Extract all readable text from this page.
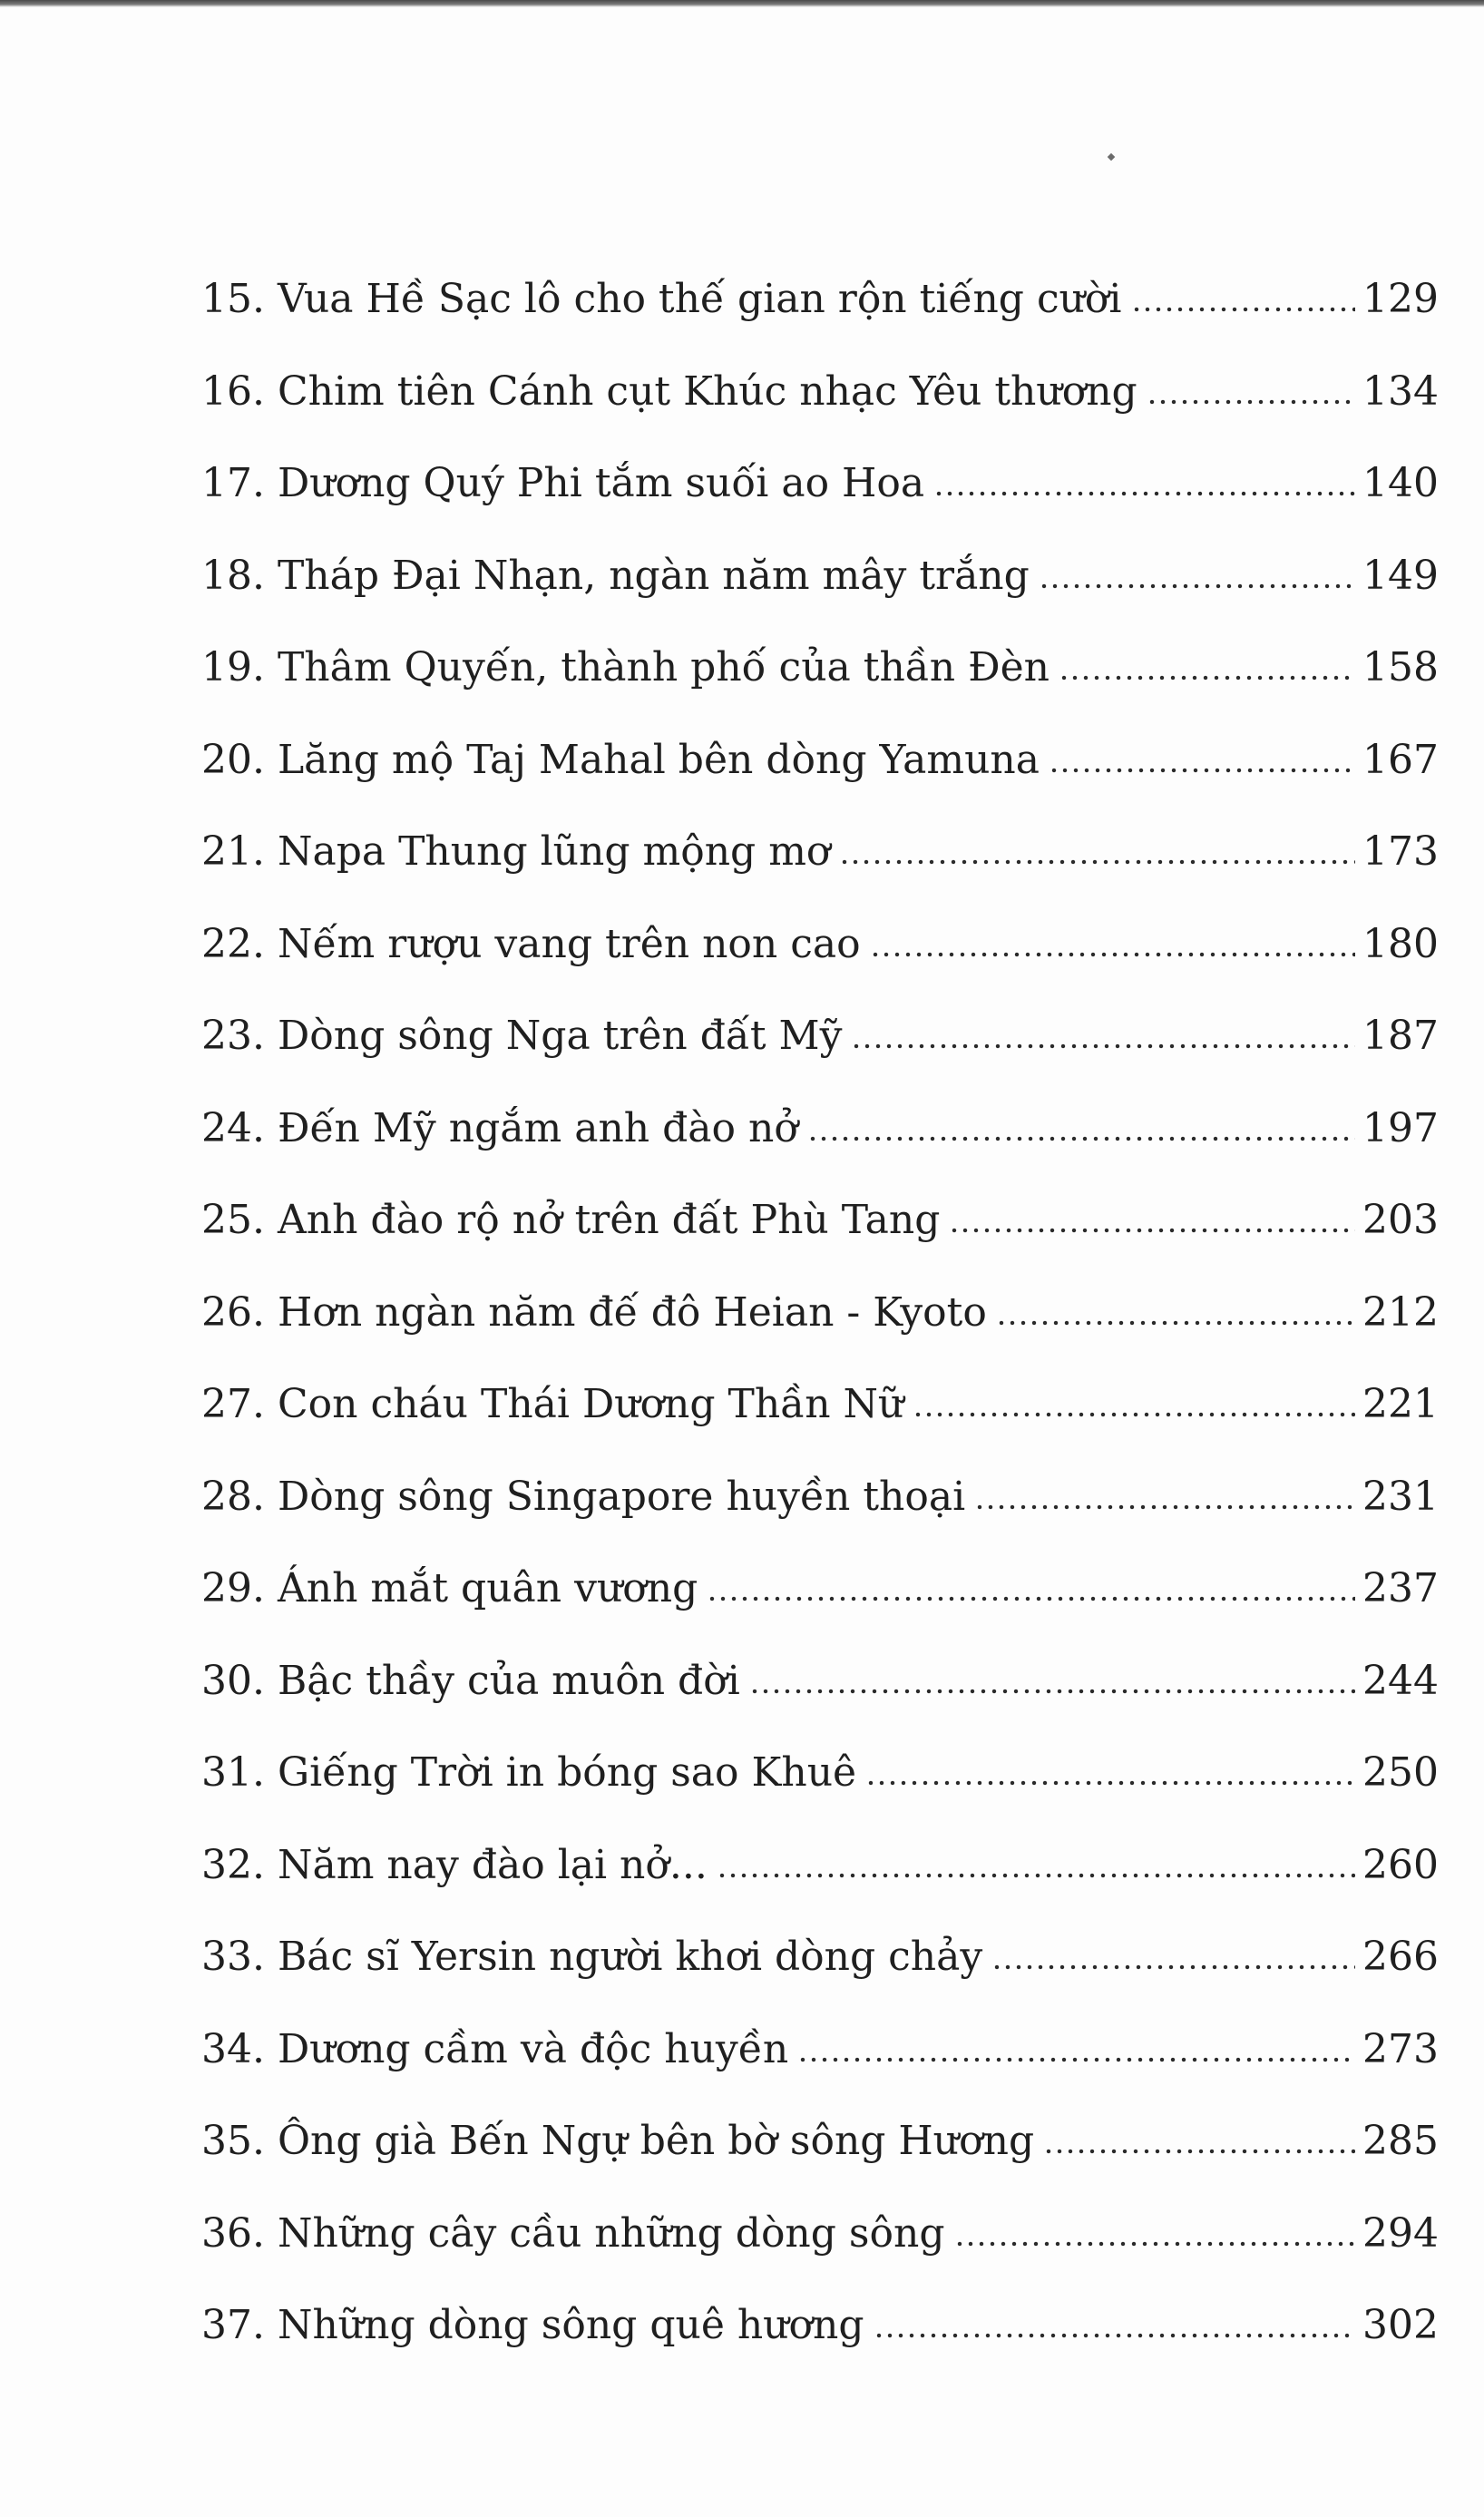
15. Vua Hề Sạc lô cho thế gian rộn tiếng cười	129
16. Chim tiên Cánh cụt Khúc nhạc Yêu thương	134
17. Dương Quý Phi tắm suối ao Hoa	140
18. Tháp Đại Nhạn, ngàn năm mây trắng	149
19. Thâm Quyến, thành phố của thần Đèn	158
20. Lăng mộ Taj Mahal bên dòng Yamuna	167
21. Napa Thung lũng mộng mơ	173
22. Nếm rượu vang trên non cao	180
23. Dòng sông Nga trên đất Mỹ	187
24. Đến Mỹ ngắm anh đào nở	197
25. Anh đào rộ nở trên đất Phù Tang	203
26. Hơn ngàn năm đế đô Heian - Kyoto	212
27. Con cháu Thái Dương Thần Nữ	221
28. Dòng sông Singapore huyền thoại	231
29. Ánh mắt quân vương	237
30. Bậc thầy của muôn đời	244
31. Giếng Trời in bóng sao Khuê	250
32. Năm nay đào lại nở...	260
33. Bác sĩ Yersin người khơi dòng chảy	266
34. Dương cầm và độc huyền	273
35. Ông già Bến Ngự bên bờ sông Hương	285
36. Những cây cầu những dòng sông	294
37. Những dòng sông quê hương	302
